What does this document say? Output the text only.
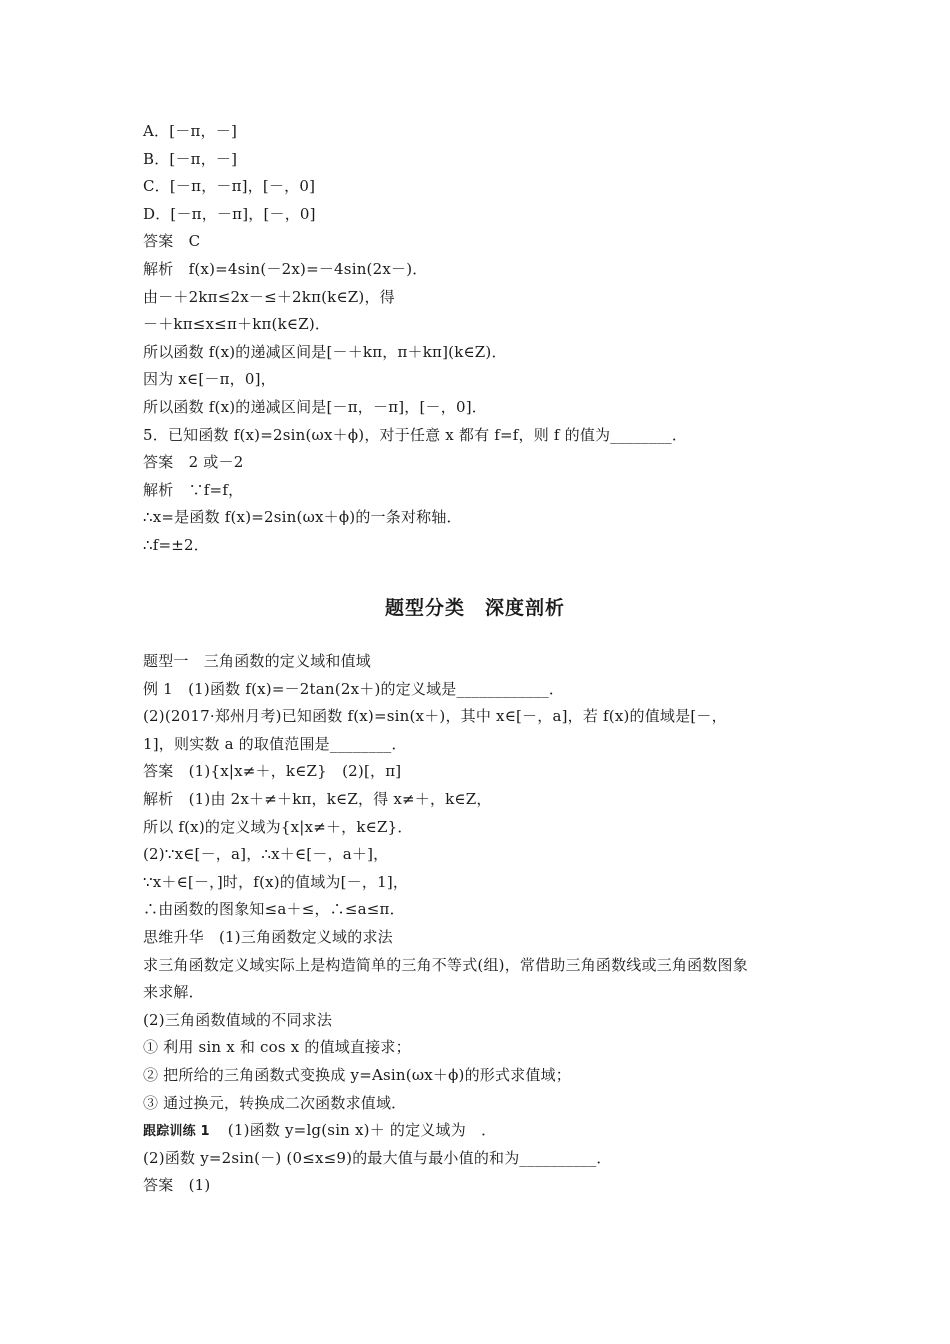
A．[－π，－]
B．[－π，－]
C．[－π，－π]，[－，0]
D．[－π，－π]，[－，0]
答案　C
解析　f(x)=4sin(－2x)=－4sin(2x－)．
由－＋2kπ≤2x－≤＋2kπ(k∈Z)，得
－＋kπ≤x≤π＋kπ(k∈Z)．
所以函数 f(x)的递减区间是[－＋kπ，π＋kπ](k∈Z)．
因为 x∈[－π，0]，
所以函数 f(x)的递减区间是[－π，－π]，[－，0]．
5．已知函数 f(x)=2sin(ωx＋ϕ)，对于任意 x 都有 f=f，则 f 的值为________．
答案　2 或－2
解析　∵f=f，
∴x=是函数 f(x)=2sin(ωx＋ϕ)的一条对称轴．
∴f=±2．
题型分类　深度剖析
题型一　三角函数的定义域和值域
例 1　(1)函数 f(x)=－2tan(2x＋)的定义域是____________．
(2)(2017·郑州月考)已知函数 f(x)=sin(x＋)，其中 x∈[－，a]，若 f(x)的值域是[－，
1]，则实数 a 的取值范围是________．
答案　(1){x|x≠＋，k∈Z}　(2)[，π]
解析　(1)由 2x＋≠＋kπ，k∈Z，得 x≠＋，k∈Z，
所以 f(x)的定义域为{x|x≠＋，k∈Z}．
(2)∵x∈[－，a]，∴x＋∈[－，a＋]，
∵x＋∈[－，]时，f(x)的值域为[－，1]，
∴由函数的图象知≤a＋≤，∴≤a≤π．
思维升华　(1)三角函数定义域的求法
求三角函数定义域实际上是构造简单的三角不等式(组)，常借助三角函数线或三角函数图象
来求解．
(2)三角函数值域的不同求法
① 利用 sin x 和 cos x 的值域直接求；
② 把所给的三角函数式变换成 y=Asin(ωx＋ϕ)的形式求值域；
③ 通过换元，转换成二次函数求值域．
跟踪训练 1 (1)函数 y=lg(sin x)＋ 的定义域为　．
(2)函数 y=2sin(－) (0≤x≤9)的最大值与最小值的和为__________．
答案　(1)
